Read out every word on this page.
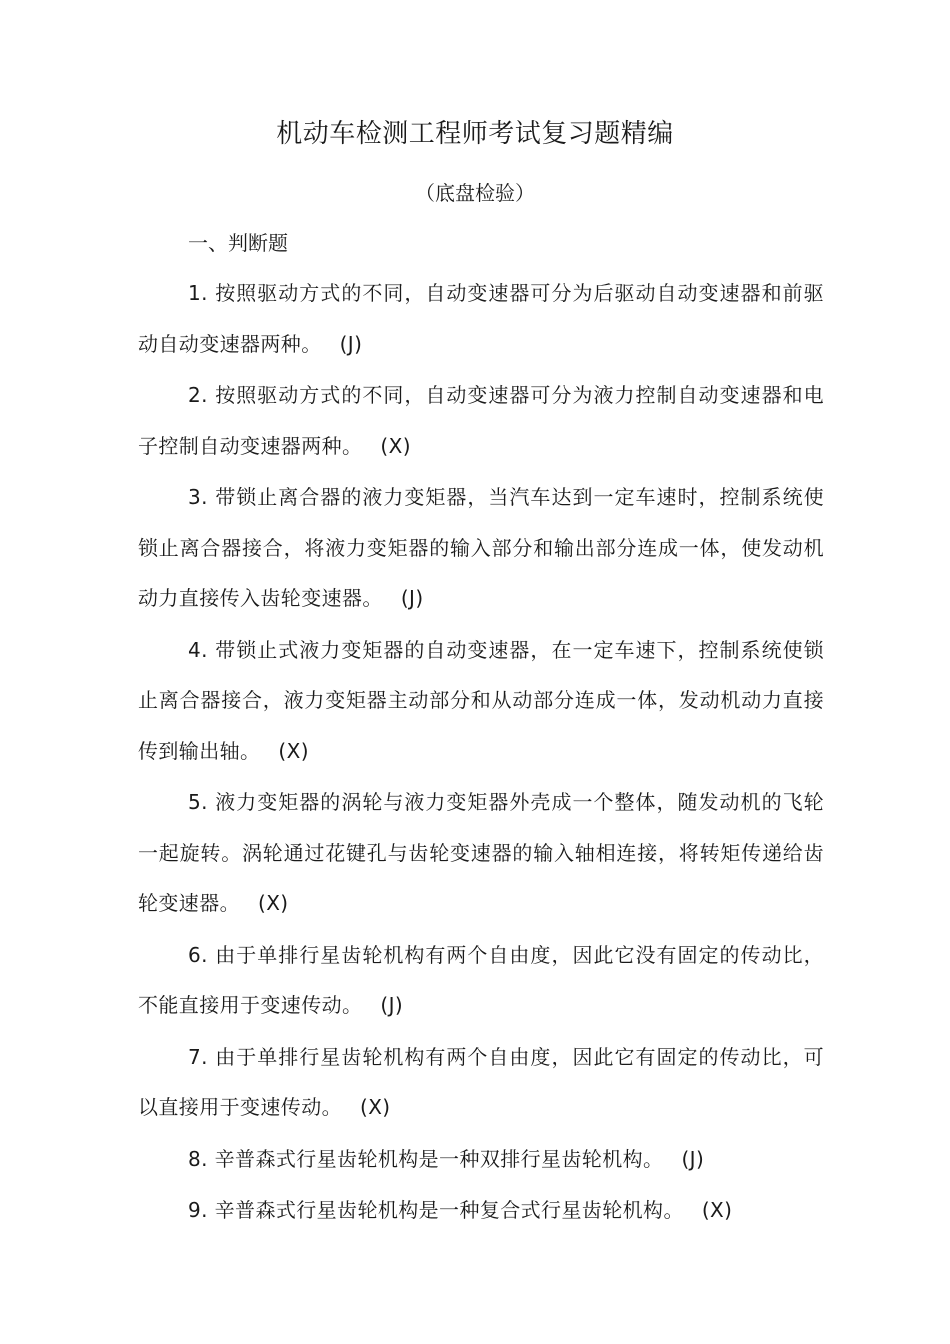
机动车检测工程师考试复习题精编

（底盘检验）

一、判断题
1. 按照驱动方式的不同，自动变速器可分为后驱动自动变速器和前驱动自动变速器两种。 (J)
2. 按照驱动方式的不同，自动变速器可分为液力控制自动变速器和电子控制自动变速器两种。 (X)
3. 带锁止离合器的液力变矩器，当汽车达到一定车速时，控制系统使锁止离合器接合，将液力变矩器的输入部分和输出部分连成一体，使发动机动力直接传入齿轮变速器。 (J)
4. 带锁止式液力变矩器的自动变速器，在一定车速下，控制系统使锁止离合器接合，液力变矩器主动部分和从动部分连成一体，发动机动力直接传到输出轴。 (X)
5. 液力变矩器的涡轮与液力变矩器外壳成一个整体，随发动机的飞轮一起旋转。涡轮通过花键孔与齿轮变速器的输入轴相连接，将转矩传递给齿轮变速器。 (X)
6. 由于单排行星齿轮机构有两个自由度，因此它没有固定的传动比，不能直接用于变速传动。 (J)
7. 由于单排行星齿轮机构有两个自由度，因此它有固定的传动比，可以直接用于变速传动。 (X)
8. 辛普森式行星齿轮机构是一种双排行星齿轮机构。 (J)
9. 辛普森式行星齿轮机构是一种复合式行星齿轮机构。 (X)
